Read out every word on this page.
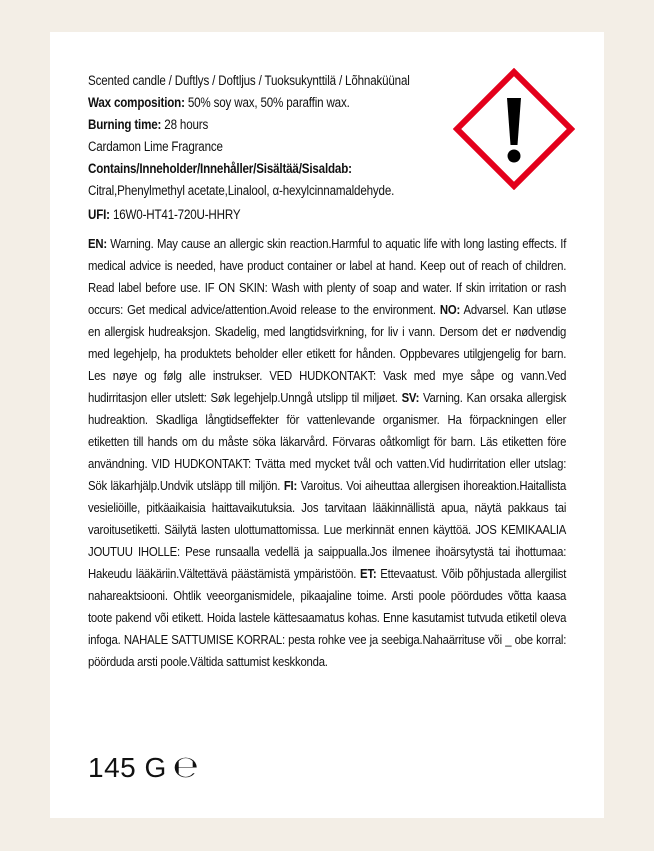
Scented candle / Duftlys / Doftljus / Tuoksukynttilä / Lõhnaküünal
Wax composition: 50% soy wax, 50% paraffin wax.
Burning time: 28 hours
Cardamon Lime Fragrance
Contains/Inneholder/Innehåller/Sisältää/Sisaldab:
Citral,Phenylmethyl acetate,Linalool, α-hexylcinnamaldehyde.
UFI: 16W0-HT41-720U-HHRY
EN: Warning. May cause an allergic skin reaction.Harmful to aquatic life with long lasting effects. If medical advice is needed, have product container or label at hand. Keep out of reach of children. Read label before use. IF ON SKIN: Wash with plenty of soap and water. If skin irritation or rash occurs: Get medical advice/attention.Avoid release to the environment. NO: Advarsel. Kan utløse en allergisk hudreaksjon. Skadelig, med langtidsvirkning, for liv i vann. Dersom det er nødvendig med legehjelp, ha produktets beholder eller etikett for hånden. Oppbevares utilgjengelig for barn. Les nøye og følg alle instrukser. VED HUDKONTAKT: Vask med mye såpe og vann.Ved hudirritasjon eller utslett: Søk legehjelp.Unngå utslipp til miljøet. SV: Varning. Kan orsaka allergisk hudreaktion. Skadliga långtidseffekter för vattenlevande organismer. Ha förpackningen eller etiketten till hands om du måste söka läkarvård. Förvaras oåtkomligt för barn. Läs etiketten före användning. VID HUDKONTAKT: Tvätta med mycket tvål och vatten.Vid hudirritation eller utslag: Sök läkarhjälp.Undvik utsläpp till miljön. FI: Varoitus. Voi aiheuttaa allergisen ihoreaktion.Haitallista vesieliöille, pitkäaikaisia haittavaikutuksia. Jos tarvitaan lääkinnällistä apua, näytä pakkaus tai varoitusetiketti. Säilytä lasten ulottumattomissa. Lue merkinnät ennen käyttöä. JOS KEMIKAALIA JOUTUU IHOLLE: Pese runsaalla vedellä ja saippualla.Jos ilmenee ihoärsytystä tai ihottumaa: Hakeudu lääkäriin.Vältettävä päästämistä ympäristöön. ET: Ettevaatust. Võib põhjustada allergilist nahareaktsiooni. Ohtlik veeorganismidele, pikaajaline toime. Arsti poole pöördudes võtta kaasa toote pakend või etikett. Hoida lastele kättesaamatus kohas. Enne kasutamist tutvuda etiketil oleva infoga. NAHALE SATTUMISE KORRAL: pesta rohke vee ja seebiga.Nahaärrituse või _ obe korral: pöörduda arsti poole.Vältida sattumist keskkonda.
145 G ℮
